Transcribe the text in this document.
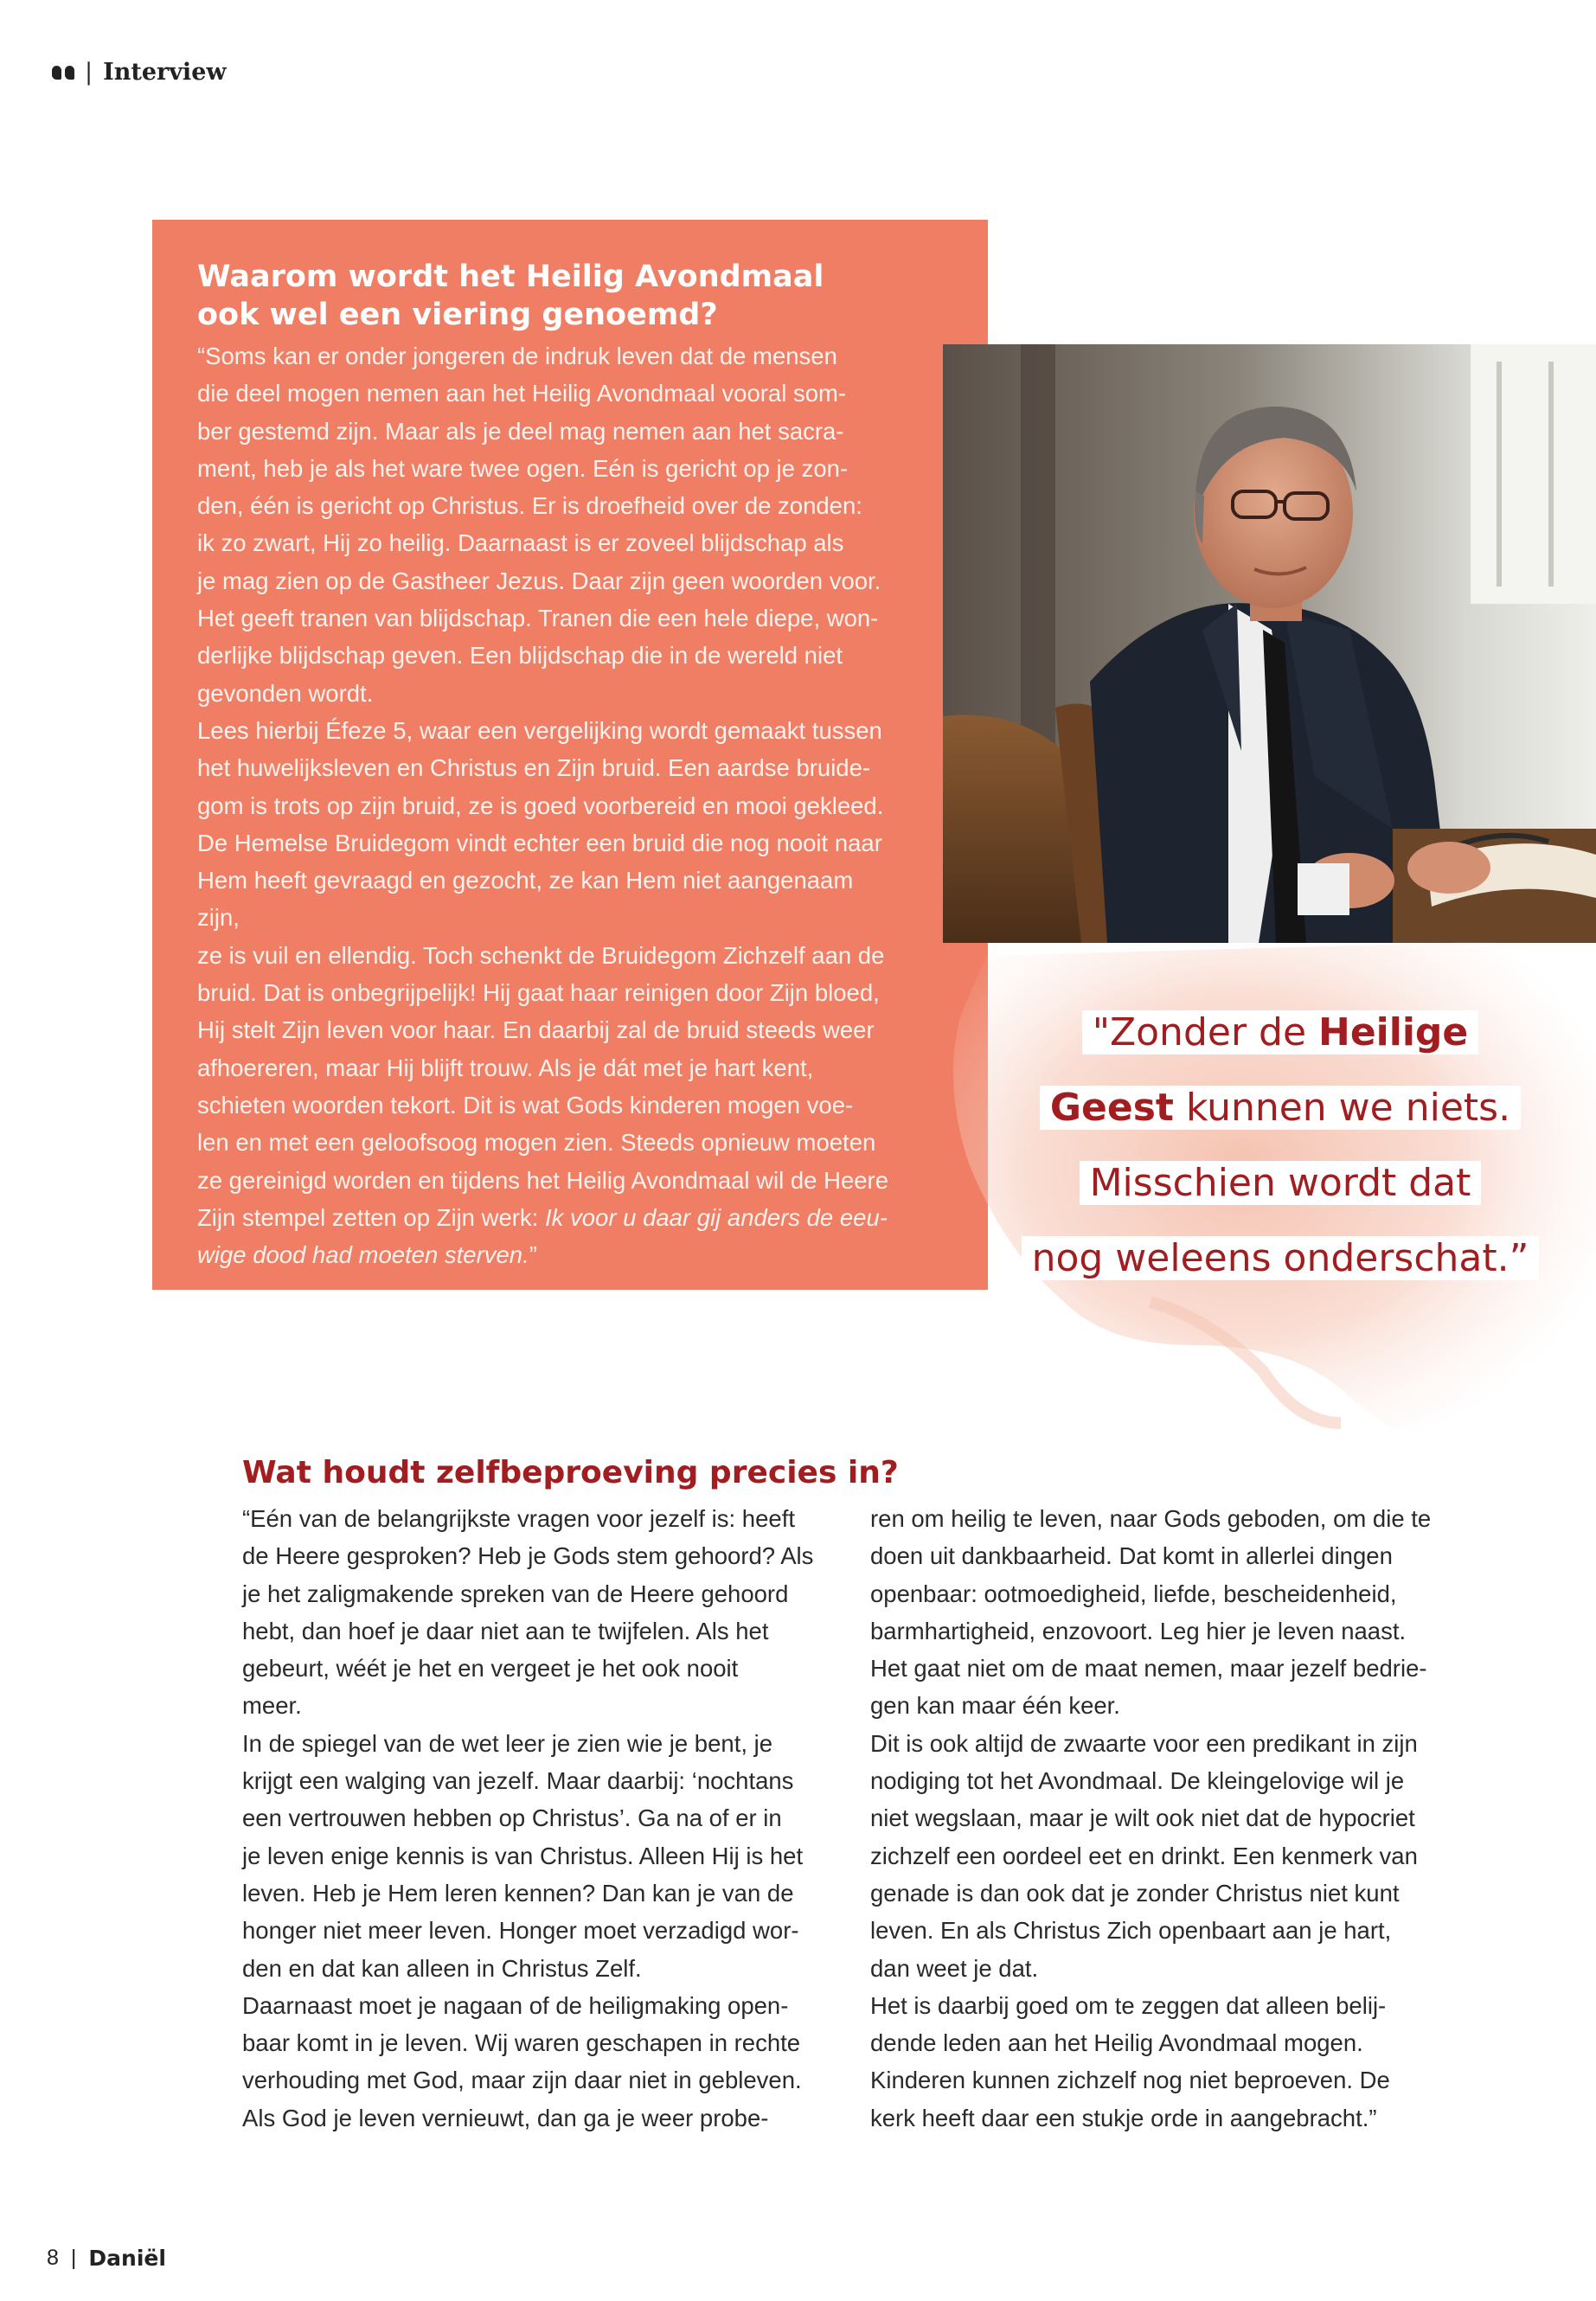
| Interview
Waarom wordt het Heilig Avondmaal ook wel een viering genoemd?

“Soms kan er onder jongeren de indruk leven dat de mensen
die deel mogen nemen aan het Heilig Avondmaal vooral som-
ber gestemd zijn. Maar als je deel mag nemen aan het sacra-
ment, heb je als het ware twee ogen. Eén is gericht op je zon-
den, één is gericht op Christus. Er is droefheid over de zonden:
ik zo zwart, Hij zo heilig. Daarnaast is er zoveel blijdschap als
je mag zien op de Gastheer Jezus. Daar zijn geen woorden voor.
Het geeft tranen van blijdschap. Tranen die een hele diepe, won-
derlijke blijdschap geven. Een blijdschap die in de wereld niet
gevonden wordt.
Lees hierbij Éfeze 5, waar een vergelijking wordt gemaakt tussen
het huwelijksleven en Christus en Zijn bruid. Een aardse bruide-
gom is trots op zijn bruid, ze is goed voorbereid en mooi gekleed.
De Hemelse Bruidegom vindt echter een bruid die nog nooit naar
Hem heeft gevraagd en gezocht, ze kan Hem niet aangenaam zijn,
ze is vuil en ellendig. Toch schenkt de Bruidegom Zichzelf aan de
bruid. Dat is onbegrijpelijk! Hij gaat haar reinigen door Zijn bloed,
Hij stelt Zijn leven voor haar. En daarbij zal de bruid steeds weer
afhoereren, maar Hij blijft trouw. Als je dát met je hart kent,
schieten woorden tekort. Dit is wat Gods kinderen mogen voe-
len en met een geloofsoog mogen zien. Steeds opnieuw moeten
ze gereinigd worden en tijdens het Heilig Avondmaal wil de Heere
Zijn stempel zetten op Zijn werk: Ik voor u daar gij anders de eeu-
wige dood had moeten sterven.”

"Zonder de Heilige
Geest kunnen we niets.
Misschien wordt dat
nog weleens onderschat.”
Wat houdt zelfbeproeving precies in?

“Eén van de belangrijkste vragen voor jezelf is: heeft
de Heere gesproken? Heb je Gods stem gehoord? Als
je het zaligmakende spreken van de Heere gehoord
hebt, dan hoef je daar niet aan te twijfelen. Als het
gebeurt, wéét je het en vergeet je het ook nooit
meer.
In de spiegel van de wet leer je zien wie je bent, je
krijgt een walging van jezelf. Maar daarbij: ‘nochtans
een vertrouwen hebben op Christus’. Ga na of er in
je leven enige kennis is van Christus. Alleen Hij is het
leven. Heb je Hem leren kennen? Dan kan je van de
honger niet meer leven. Honger moet verzadigd wor-
den en dat kan alleen in Christus Zelf.
Daarnaast moet je nagaan of de heiligmaking open-
baar komt in je leven. Wij waren geschapen in rechte
verhouding met God, maar zijn daar niet in gebleven.
Als God je leven vernieuwt, dan ga je weer probe-

ren om heilig te leven, naar Gods geboden, om die te
doen uit dankbaarheid. Dat komt in allerlei dingen
openbaar: ootmoedigheid, liefde, bescheidenheid,
barmhartigheid, enzovoort. Leg hier je leven naast.
Het gaat niet om de maat nemen, maar jezelf bedrie-
gen kan maar één keer.
Dit is ook altijd de zwaarte voor een predikant in zijn
nodiging tot het Avondmaal. De kleingelovige wil je
niet wegslaan, maar je wilt ook niet dat de hypocriet
zichzelf een oordeel eet en drinkt. Een kenmerk van
genade is dan ook dat je zonder Christus niet kunt
leven. En als Christus Zich openbaart aan je hart,
dan weet je dat.
Het is daarbij goed om te zeggen dat alleen belij-
dende leden aan het Heilig Avondmaal mogen.
Kinderen kunnen zichzelf nog niet beproeven. De
kerk heeft daar een stukje orde in aangebracht.”

8 | Daniël
